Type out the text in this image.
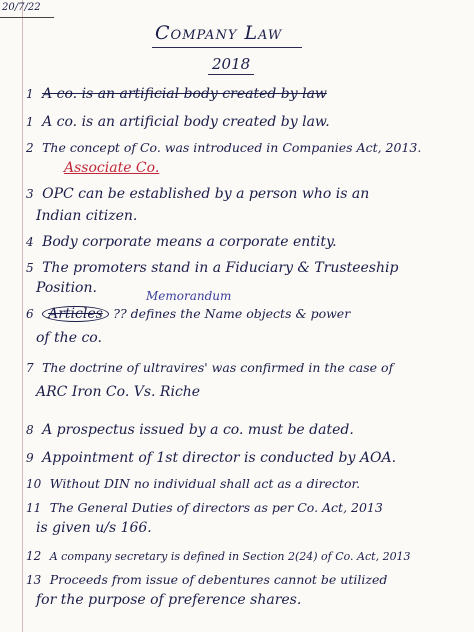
20/7/22
Company Law
2018
Memorandum
1 A co. is an artificial body created by law
1 A co. is an artificial body created by law.
2 The concept of Co. was introduced in Companies Act, 2013.
Associate Co.
3 OPC can be established by a person who is an
Indian citizen.
4 Body corporate means a corporate entity.
5 The promoters stand in a Fiduciary & Trusteeship
Position.
6 Articles ?? defines the Name objects & power
of the co.
7 The doctrine of ultravires' was confirmed in the case of
ARC Iron Co. Vs. Riche
8 A prospectus issued by a co. must be dated.
9 Appointment of 1st director is conducted by AOA.
10 Without DIN no individual shall act as a director.
11 The General Duties of directors as per Co. Act, 2013
is given u/s 166.
12 A company secretary is defined in Section 2(24) of Co. Act, 2013
13 Proceeds from issue of debentures cannot be utilized
for the purpose of preference shares.
